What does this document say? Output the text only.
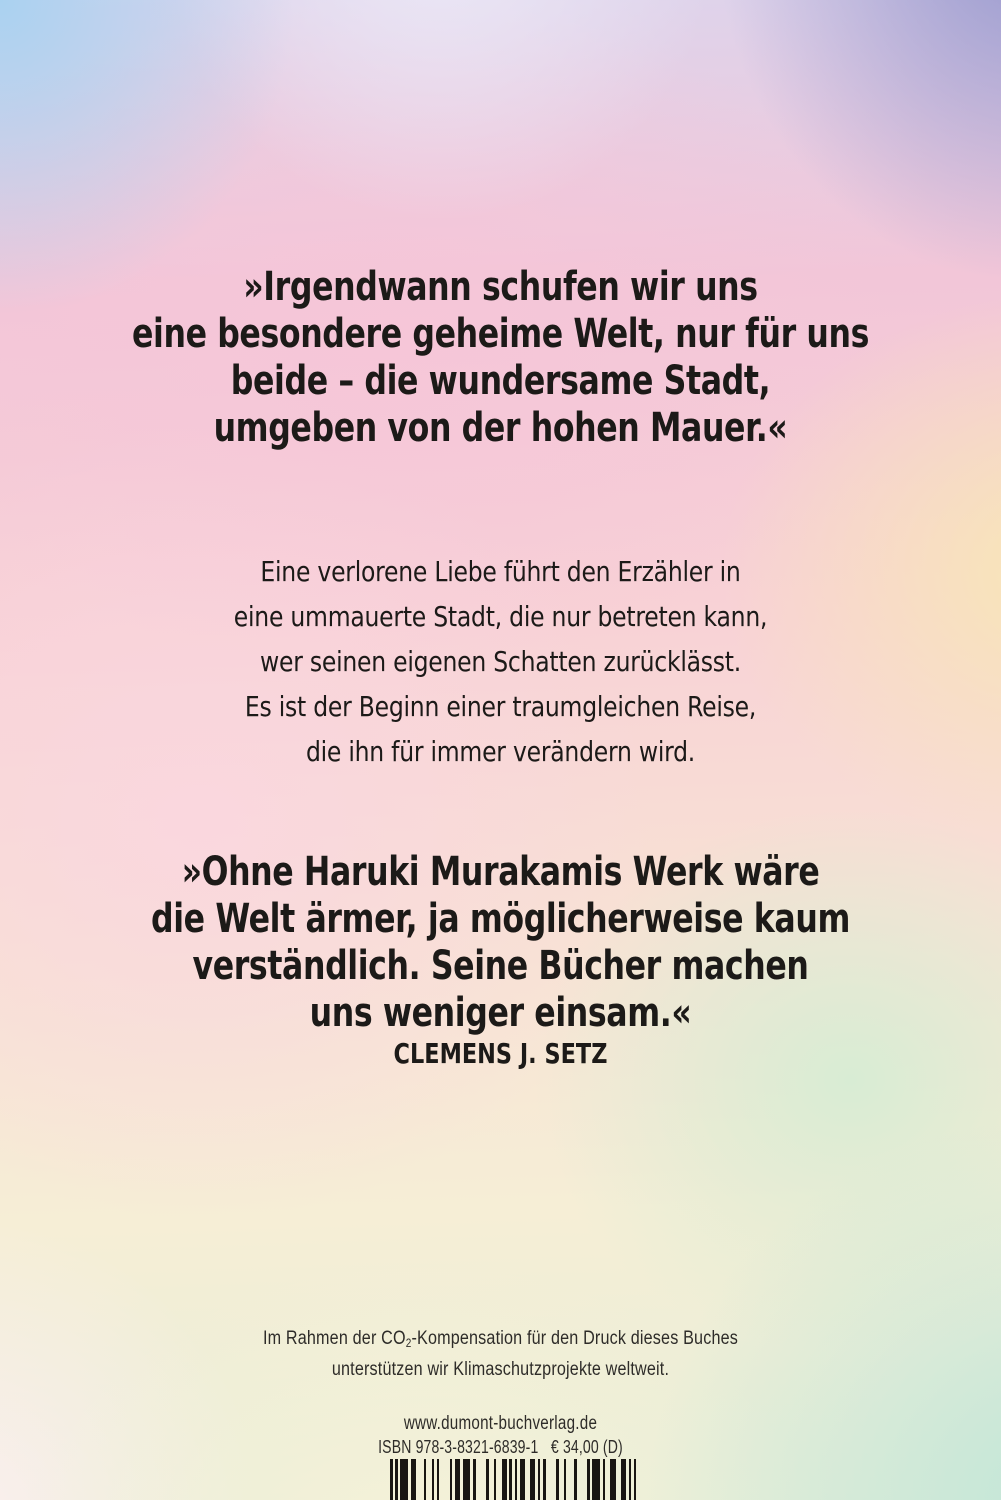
»Irgendwann schufen wir uns
eine besondere geheime Welt, nur für uns
beide – die wundersame Stadt,
umgeben von der hohen Mauer.«
Eine verlorene Liebe führt den Erzähler in
eine ummauerte Stadt, die nur betreten kann,
wer seinen eigenen Schatten zurücklässt.
Es ist der Beginn einer traumgleichen Reise,
die ihn für immer verändern wird.
»Ohne Haruki Murakamis Werk wäre
die Welt ärmer, ja möglicherweise kaum
verständlich. Seine Bücher machen
uns weniger einsam.«
CLEMENS J. SETZ
Im Rahmen der $CO_2$-Kompensation für den Druck dieses Buches
unterstützen wir Klimaschutzprojekte weltweit.
www.dumont-buchverlag.de
ISBN 978-3-8321-6839-1 € 34,00 (D)
